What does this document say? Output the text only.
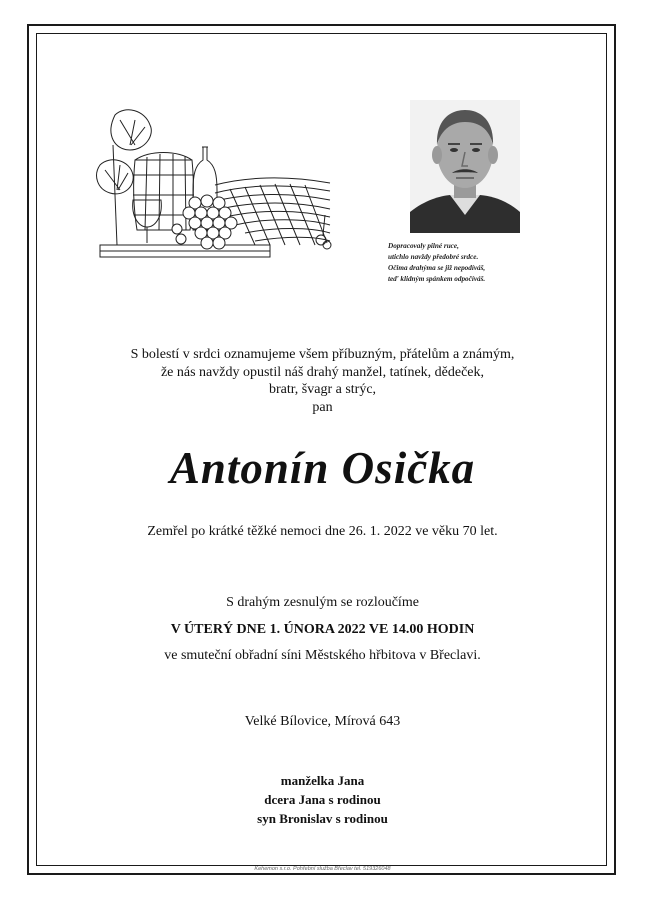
Dopracovaly pilné ruce,
utichlo navždy předobré srdce.
Očima drahýma se již nepodíváš,
teď klidným spánkem odpočíváš.
S bolestí v srdci oznamujeme všem příbuzným, přátelům a známým,
že nás navždy opustil náš drahý manžel, tatínek, dědeček,
bratr, švagr a strýc,
pan
Antonín Osička
Zemřel po krátké těžké nemoci dne 26. 1. 2022 ve věku 70 let.
S drahým zesnulým se rozloučíme
V ÚTERÝ DNE 1. ÚNORA 2022 VE 14.00 HODIN
ve smuteční obřadní síni Městského hřbitova v Břeclavi.
Velké Bílovice, Mírová 643
manželka Jana
dcera Jana s rodinou
syn Bronislav s rodinou
Kehemon s.r.o. Pohřební služba Břeclav tel. 519326048
